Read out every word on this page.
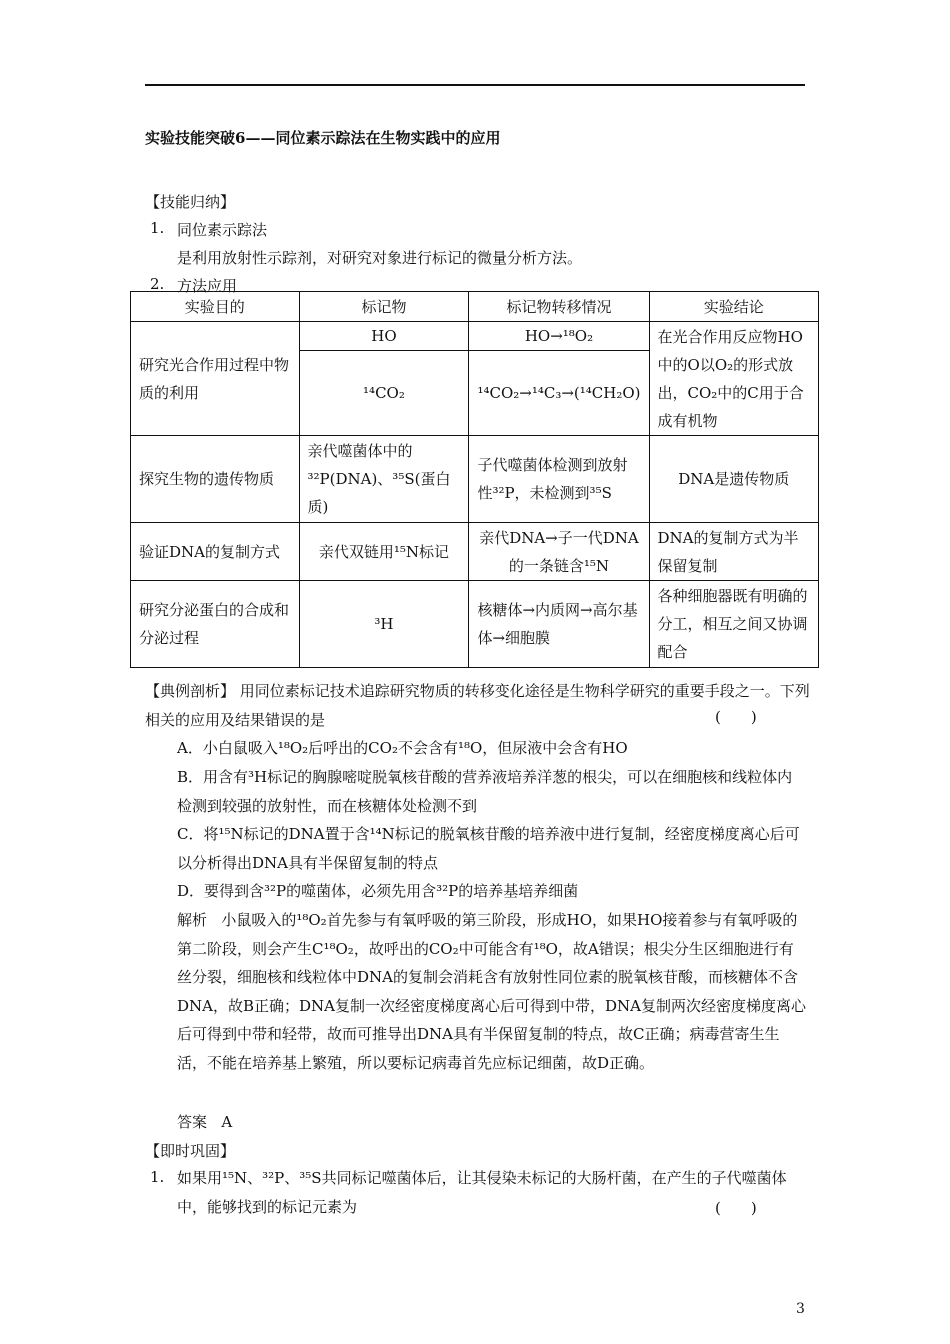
实验技能突破6——同位素示踪法在生物实践中的应用
【技能归纳】
1. 同位素示踪法
是利用放射性示踪剂，对研究对象进行标记的微量分析方法。
2. 方法应用
实验目的	标记物	标记物转移情况	实验结论
研究光合作用过程中物质的利用	HO	HO→¹⁸O₂	在光合作用反应物HO中的O以O₂的形式放出，CO₂中的C用于合成有机物
	¹⁴CO₂	¹⁴CO₂→¹⁴C₃→(¹⁴CH₂O)	
探究生物的遗传物质	亲代噬菌体中的³²P(DNA)、³⁵S(蛋白质)	子代噬菌体检测到放射性³²P，未检测到³⁵S	DNA是遗传物质
验证DNA的复制方式	亲代双链用¹⁵N标记	亲代DNA→子一代DNA的一条链含¹⁵N	DNA的复制方式为半保留复制
研究分泌蛋白的合成和分泌过程	³H	核糖体→内质网→高尔基体→细胞膜	各种细胞器既有明确的分工，相互之间又协调配合
【典例剖析】 用同位素标记技术追踪研究物质的转移变化途径是生物科学研究的重要手段之一。下列相关的应用及结果错误的是	(　　)
A．小白鼠吸入¹⁸O₂后呼出的CO₂不会含有¹⁸O，但尿液中会含有HO
B．用含有³H标记的胸腺嘧啶脱氧核苷酸的营养液培养洋葱的根尖，可以在细胞核和线粒体内检测到较强的放射性，而在核糖体处检测不到
C．将¹⁵N标记的DNA置于含¹⁴N标记的脱氧核苷酸的培养液中进行复制，经密度梯度离心后可以分析得出DNA具有半保留复制的特点
D．要得到含³²P的噬菌体，必须先用含³²P的培养基培养细菌
解析 小鼠吸入的¹⁸O₂首先参与有氧呼吸的第三阶段，形成HO，如果HO接着参与有氧呼吸的第二阶段，则会产生C¹⁸O₂，故呼出的CO₂中可能含有¹⁸O，故A错误；根尖分生区细胞进行有丝分裂，细胞核和线粒体中DNA的复制会消耗含有放射性同位素的脱氧核苷酸，而核糖体不含DNA，故B正确；DNA复制一次经密度梯度离心后可得到中带，DNA复制两次经密度梯度离心后可得到中带和轻带，故而可推导出DNA具有半保留复制的特点，故C正确；病毒营寄生生活，不能在培养基上繁殖，所以要标记病毒首先应标记细菌，故D正确。
答案 A
【即时巩固】
1. 如果用¹⁵N、³²P、³⁵S共同标记噬菌体后，让其侵染未标记的大肠杆菌，在产生的子代噬菌体中，能够找到的标记元素为	(　　)
3
